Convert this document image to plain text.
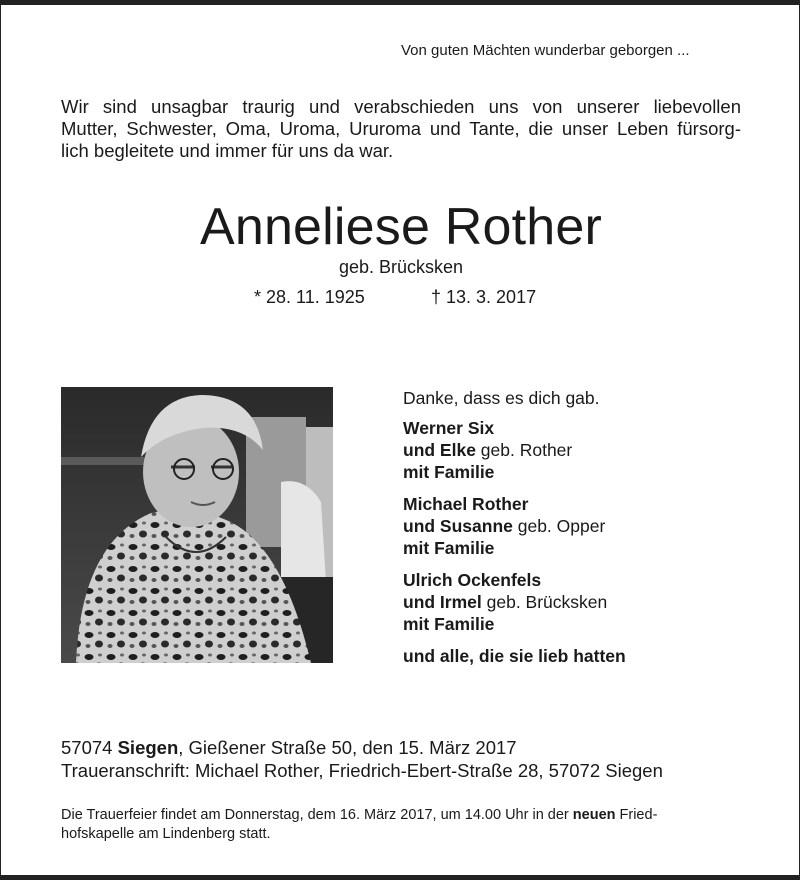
Von guten Mächten wunderbar geborgen ...
Wir sind unsagbar traurig und verabschieden uns von unserer liebevollen
Mutter, Schwester, Oma, Uroma, Ururoma und Tante, die unser Leben fürsorg-
lich begleitete und immer für uns da war.
Anneliese Rother
geb. Brücksken
* 28. 11. 1925	† 13. 3. 2017
Danke, dass es dich gab.
Werner Six
und Elke geb. Rother
mit Familie
Michael Rother
und Susanne geb. Opper
mit Familie
Ulrich Ockenfels
und Irmel geb. Brücksken
mit Familie
und alle, die sie lieb hatten
57074 Siegen, Gießener Straße 50, den 15. März 2017
Traueranschrift: Michael Rother, Friedrich-Ebert-Straße 28, 57072 Siegen
Die Trauerfeier findet am Donnerstag, dem 16. März 2017, um 14.00 Uhr in der neuen Fried-
hofskapelle am Lindenberg statt.
